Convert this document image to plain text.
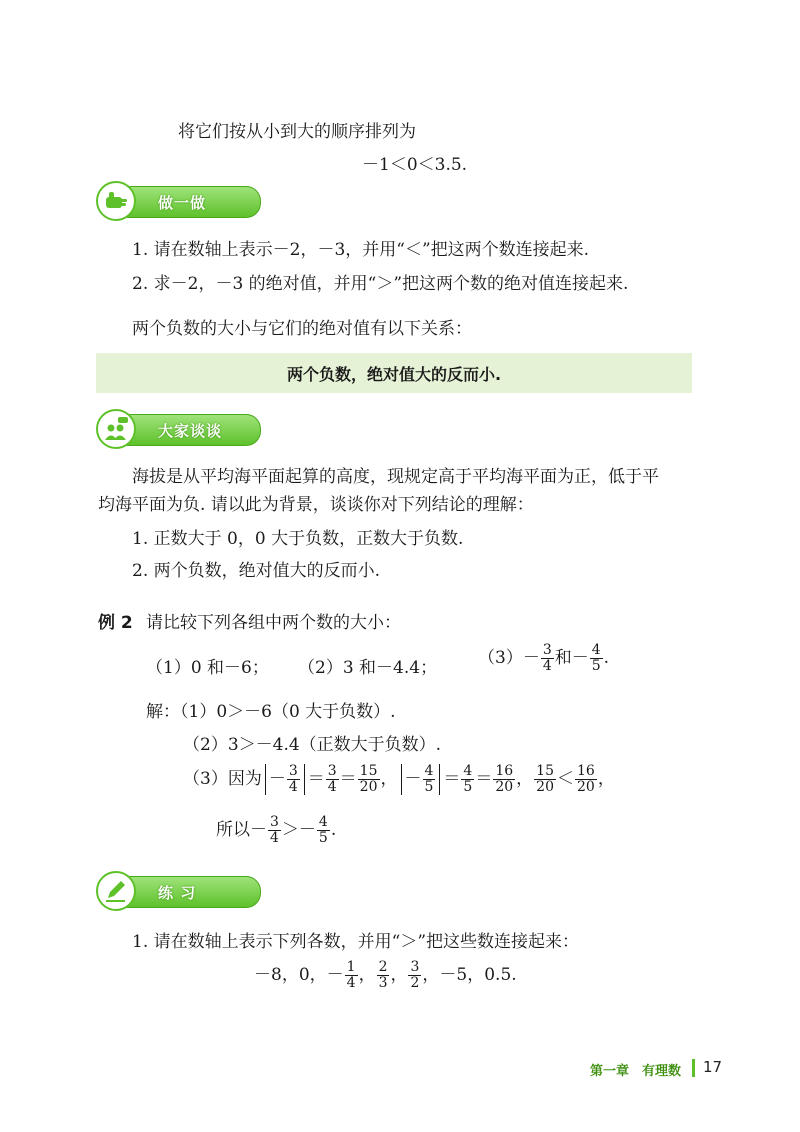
将它们按从小到大的顺序排列为
－1＜0＜3.5.
做一做
1. 请在数轴上表示－2，－3，并用“＜”把这两个数连接起来.
2. 求－2，－3 的绝对值，并用“＞”把这两个数的绝对值连接起来.
两个负数的大小与它们的绝对值有以下关系：
两个负数，绝对值大的反而小.
大家谈谈
海拔是从平均海平面起算的高度，现规定高于平均海平面为正，低于平
均海平面为负. 请以此为背景，谈谈你对下列结论的理解：
1. 正数大于 0，0 大于负数，正数大于负数.
2. 两个负数，绝对值大的反而小.
例 2 请比较下列各组中两个数的大小：
（1）0 和－6； （2）3 和－4.4； $(3)- \frac{3}{4}$ 和－ $\frac{4}{5}$ .
解：（1）0＞－6（0 大于负数）.
（2）3＞－4.4（正数大于负数）.
（3）因为 － $\frac{3}{4} = \frac{3}{4} = \frac{15}{20}$ ， － $\frac{4}{5} = \frac{4}{5} = \frac{16}{20}$ ， $\frac{15}{20} < \frac{16}{20}$ ，
所以－ $\frac{3}{4} >- \frac{4}{5}$ .
练 习
1. 请在数轴上表示下列各数，并用“＞”把这些数连接起来：
－8，0，－ $\frac{1}{4}$ ， $\frac{2}{3}$ ， $\frac{3}{2}$ ，－5，0.5.
第一章　有理数 17
